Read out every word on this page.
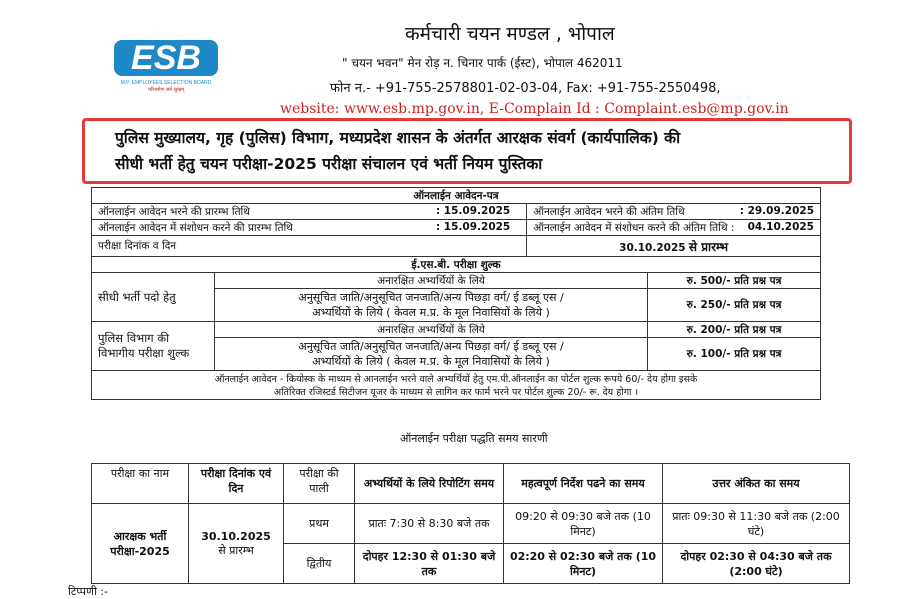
ESB
M.P. EMPLOYEES SELECTION BOARD
परिश्रमेण सर्व सुखम्
कर्मचारी चयन मण्डल , भोपाल
" चयन भवन" मेन रोड़ न. चिनार पार्क (ईस्ट), भोपाल 462011
फोन न.- +91-755-2578801-02-03-04, Fax: +91-755-2550498,
website: www.esb.mp.gov.in, E-Complain Id : Complaint.esb@mp.gov.in
पुलिस मुख्यालय, गृह (पुलिस) विभाग, मध्यप्रदेश शासन के अंतर्गत आरक्षक संवर्ग (कार्यपालिक) की
सीधी भर्ती हेतु चयन परीक्षा-2025 परीक्षा संचालन एवं भर्ती नियम पुस्तिका
ऑनलाईन आवेदन-पत्र			

ऑनलाईन आवेदन भरने की प्रारम्भ तिथि : 15.09.2025		ऑनलाईन आवेदन भरने की अंतिम तिथि : 29.09.2025	

ऑनलाईन आवेदन में संशोधन करने की प्रारम्भ तिथि : 15.09.2025		ऑनलाईन आवेदन में संशोधन करने की अंतिम तिथि : 04.10.2025	

परीक्षा दिनांक व दिन		30.10.2025 से प्रारम्भ	
ई.एस.बी. परीक्षा शुल्क			
सीधी भर्ती पदो हेतु	अनारक्षित अभ्यर्थियों के लिये		रु. 500/- प्रति प्रश्न पत्र

	अनुसूचित जाति/अनुसूचित जनजाति/अन्य पिछड़ा वर्ग/ ई डब्लू एस /
अभ्यर्थियों के लिये ( केवल म.प्र. के मूल निवासियों के लिये )		रु. 250/- प्रति प्रश्न पत्र
पुलिस विभाग की विभागीय परीक्षा शुल्क	अनारक्षित अभ्यर्थियों के लिये		रु. 200/- प्रति प्रश्न पत्र

	अनुसूचित जाति/अनुसूचित जनजाति/अन्य पिछड़ा वर्ग/ ई डब्लू एस /
अभ्यर्थियों के लिये ( केवल म.प्र. के मूल निवासियों के लिये )		रु. 100/- प्रति प्रश्न पत्र

ऑनलाईन आवेदन - कियोस्क के माध्यम से आनलाईन भरने वाले अभ्यर्थियों हेतु एम.पी.ऑनलाईन का पोर्टल शुल्क रूपये 60/- देय होगा इसके
अतिरिक्त रजिस्टर्ड सिटीजन यूजर के माध्यम से लागिन कर फार्म भरने पर पोर्टल शुल्क 20/- रू. देय होगा ।			
ऑनलाईन परीक्षा पद्धति समय सारणी
परीक्षा का नाम	परीक्षा दिनांक एवं दिन	परीक्षा की पाली	अभ्यर्थियों के लिये रिपोटिंग समय	महत्वपूर्ण निर्देश पढने का समय	उत्तर अंकित का समय
आरक्षक भर्ती परीक्षा-2025	30.10.2025
से प्रारम्भ	प्रथम	प्रातः 7:30 से 8:30 बजे तक	09:20 से 09:30 बजे तक (10 मिनट)	प्रातः 09:30 से 11:30 बजे तक (2:00 घंटे)
		द्वितीय	दोपहर 12:30 से 01:30 बजे तक	02:20 से 02:30 बजे तक (10 मिनट)	दोपहर 02:30 से 04:30 बजे तक (2:00 घंटे)
टिप्पणी :-
